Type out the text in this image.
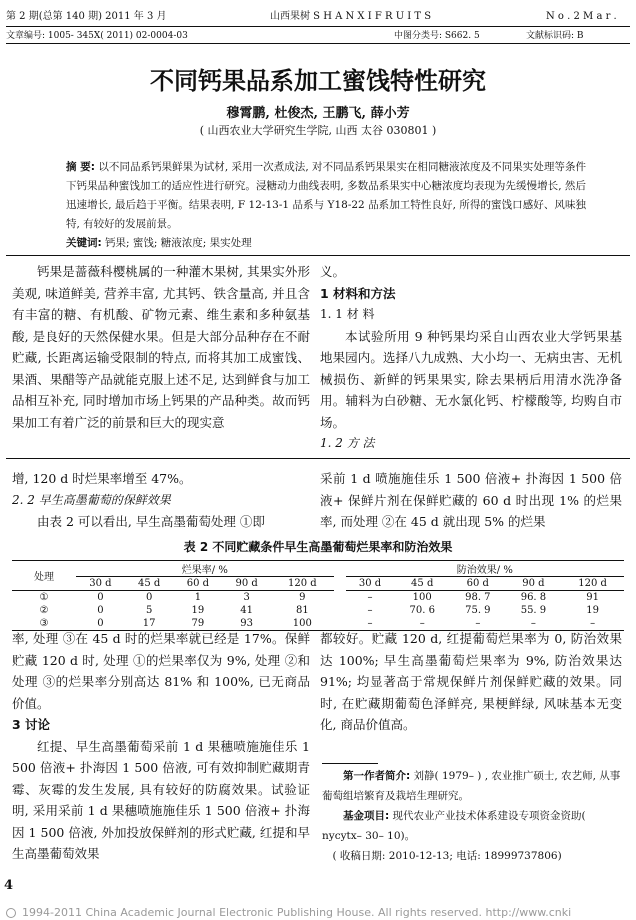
第 2 期(总第 140 期) 2011 年 3 月	山西果树 S H A N X I F R U I T S	N o . 2 M a r .
文章编号: 1005- 345X( 2011) 02-0004-03	中图分类号: S662. 5	文献标识码: B
不同钙果品系加工蜜饯特性研究
穆霄鹏, 杜俊杰, 王鹏飞, 薛小芳
( 山西农业大学研究生学院, 山西 太谷 030801 )
摘 要: 以不同品系钙果鲜果为试材, 采用一次煮成法, 对不同品系钙果果实在相同糖液浓度及不同果实处理等条件下钙果品种蜜饯加工的适应性进行研究。浸糖动力曲线表明, 多数品系果实中心糖浓度均表现为先缓慢增长, 然后迅速增长, 最后趋于平衡。结果表明, F 12-13-1 品系与 Y18-22 品系加工特性良好, 所得的蜜饯口感好、风味独特, 有较好的发展前景。
关键词: 钙果; 蜜饯; 糖液浓度; 果实处理

钙果是蔷薇科樱桃属的一种灌木果树, 其果实外形美观, 味道鲜美, 营养丰富, 尤其钙、铁含量高, 并且含有丰富的糖、有机酸、矿物元素、维生素和多种氨基酸, 是良好的天然保健水果。但是大部分品种存在不耐贮藏, 长距离运输受限制的特点, 而将其加工成蜜饯、果酒、果醋等产品就能克服上述不足, 达到鲜食与加工品相互补充, 同时增加市场上钙果的产品种类。故而钙果加工有着广泛的前景和巨大的现实意

义。

1 材料和方法

1. 1 材 料

本试验所用 9 种钙果均采自山西农业大学钙果基地果园内。选择八九成熟、大小均一、无病虫害、无机械损伤、新鲜的钙果果实, 除去果柄后用清水洗净备用。辅料为白砂糖、无水氯化钙、柠檬酸等, 均购自市场。

1. 2 方 法

增, 120 d 时烂果率增至 47%。

2. 2 早生高墨葡萄的保鲜效果

由表 2 可以看出, 早生高墨葡萄处理 ①即

采前 1 d 喷施施佳乐 1 500 倍液+ 扑海因 1 500 倍液+ 保鲜片剂在保鲜贮藏的 60 d 时出现 1% 的烂果率, 而处理 ②在 45 d 就出现 5% 的烂果

表 2 不同贮藏条件早生高墨葡萄烂果率和防治效果
处理	烂果率/ %						防治效果/ %				
	30 d	45 d	60 d	90 d	120 d		30 d	45 d	60 d	90 d	120 d
①	0	0	1	3	9		–	100	98. 7	96. 8	91
②	0	5	19	41	81		–	70. 6	75. 9	55. 9	19
③	0	17	79	93	100		–	–	–	–	–

率, 处理 ③在 45 d 时的烂果率就已经是 17%。保鲜贮藏 120 d 时, 处理 ①的烂果率仅为 9%, 处理 ②和处理 ③的烂果率分别高达 81% 和 100%, 已无商品价值。

3 讨论

红提、早生高墨葡萄采前 1 d 果穗喷施施佳乐 1 500 倍液+ 扑海因 1 500 倍液, 可有效抑制贮藏期青霉、灰霉的发生发展, 具有较好的防腐效果。试验证明, 采用采前 1 d 果穗喷施施佳乐 1 500 倍液+ 扑海因 1 500 倍液, 外加投放保鲜剂的形式贮藏, 红提和早生高墨葡萄效果

都较好。贮藏 120 d, 红提葡萄烂果率为 0, 防治效果达 100%; 早生高墨葡萄烂果率为 9%, 防治效果达 91%; 均显著高于常规保鲜片剂保鲜贮藏的效果。同时, 在贮藏期葡萄色泽鲜亮, 果梗鲜绿, 风味基本无变化, 商品价值高。

第一作者简介: 刘静( 1979– ) , 农业推广硕士, 农艺师, 从事葡萄组培繁育及栽培生理研究。
基金项目: 现代农业产业技术体系建设专项资金资助( nycytx– 30– 10)。
( 收稿日期: 2010-12-13; 电话: 18999737806)
4
1994-2011 China Academic Journal Electronic Publishing House. All rights reserved. http://www.cnki
